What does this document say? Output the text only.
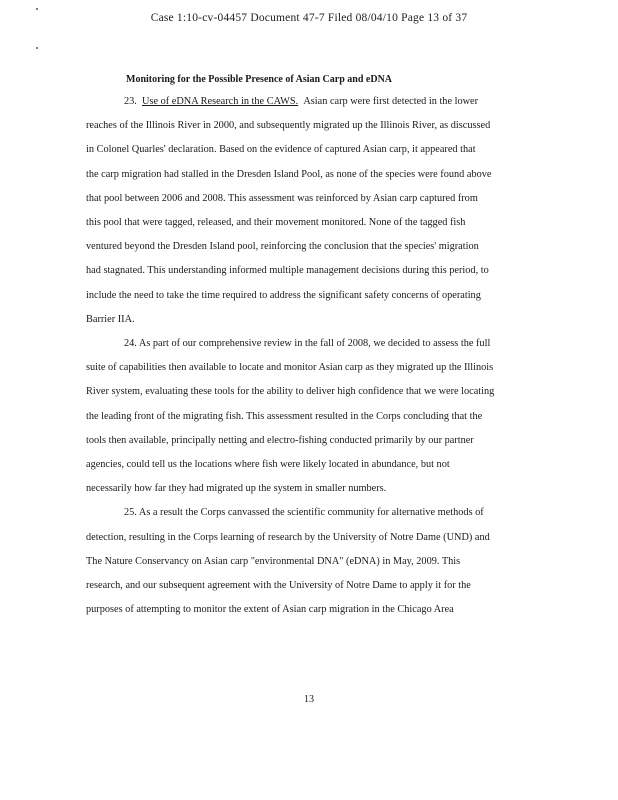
Case 1:10-cv-04457 Document 47-7 Filed 08/04/10 Page 13 of 37
Monitoring for the Possible Presence of Asian Carp and eDNA

23. Use of eDNA Research in the CAWS. Asian carp were first detected in the lower
reaches of the Illinois River in 2000, and subsequently migrated up the Illinois River, as discussed
in Colonel Quarles' declaration. Based on the evidence of captured Asian carp, it appeared that
the carp migration had stalled in the Dresden Island Pool, as none of the species were found above
that pool between 2006 and 2008. This assessment was reinforced by Asian carp captured from
this pool that were tagged, released, and their movement monitored. None of the tagged fish
ventured beyond the Dresden Island pool, reinforcing the conclusion that the species' migration
had stagnated. This understanding informed multiple management decisions during this period, to
include the need to take the time required to address the significant safety concerns of operating
Barrier IIA.

24. As part of our comprehensive review in the fall of 2008, we decided to assess the full
suite of capabilities then available to locate and monitor Asian carp as they migrated up the Illinois
River system, evaluating these tools for the ability to deliver high confidence that we were locating
the leading front of the migrating fish. This assessment resulted in the Corps concluding that the
tools then available, principally netting and electro-fishing conducted primarily by our partner
agencies, could tell us the locations where fish were likely located in abundance, but not
necessarily how far they had migrated up the system in smaller numbers.

25. As a result the Corps canvassed the scientific community for alternative methods of
detection, resulting in the Corps learning of research by the University of Notre Dame (UND) and
The Nature Conservancy on Asian carp "environmental DNA" (eDNA) in May, 2009. This
research, and our subsequent agreement with the University of Notre Dame to apply it for the
purposes of attempting to monitor the extent of Asian carp migration in the Chicago Area

13
